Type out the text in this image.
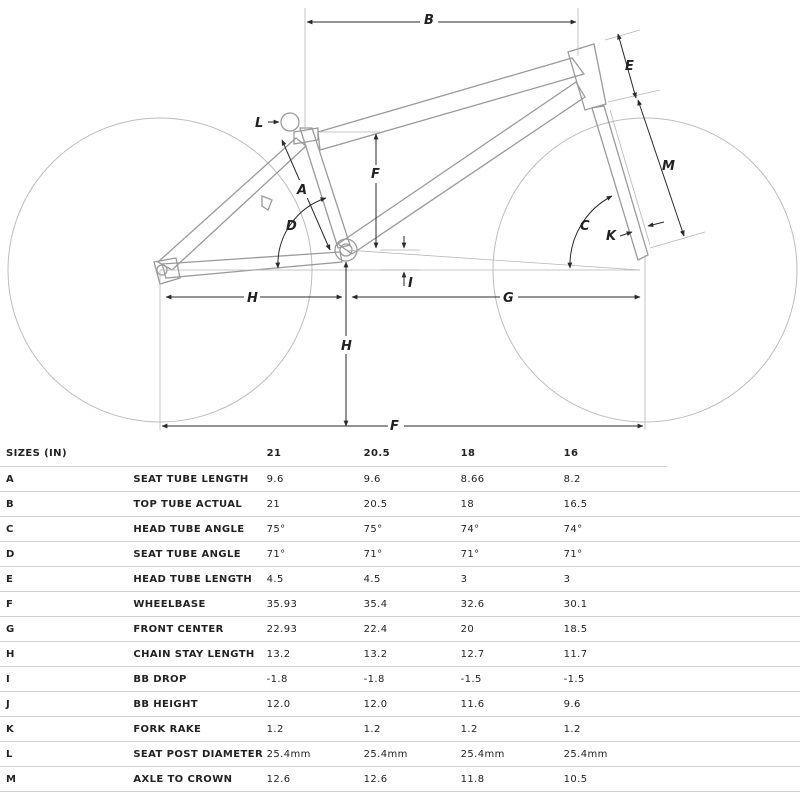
B
E
M
L
A
F
D	C
K
I
H	G
H
F
SIZES (IN)		21	20.5	18	16	
A	SEAT TUBE LENGTH	9.6	9.6	8.66	8.2	
B	TOP TUBE ACTUAL	21	20.5	18	16.5	
C	HEAD TUBE ANGLE	75°	75°	74°	74°	
D	SEAT TUBE ANGLE	71°	71°	71°	71°	
E	HEAD TUBE LENGTH	4.5	4.5	3	3	
F	WHEELBASE	35.93	35.4	32.6	30.1	
G	FRONT CENTER	22.93	22.4	20	18.5	
H	CHAIN STAY LENGTH	13.2	13.2	12.7	11.7	
I	BB DROP	-1.8	-1.8	-1.5	-1.5	
J	BB HEIGHT	12.0	12.0	11.6	9.6	
K	FORK RAKE	1.2	1.2	1.2	1.2	
L	SEAT POST DIAMETER	25.4mm	25.4mm	25.4mm	25.4mm	
M	AXLE TO CROWN	12.6	12.6	11.8	10.5	
